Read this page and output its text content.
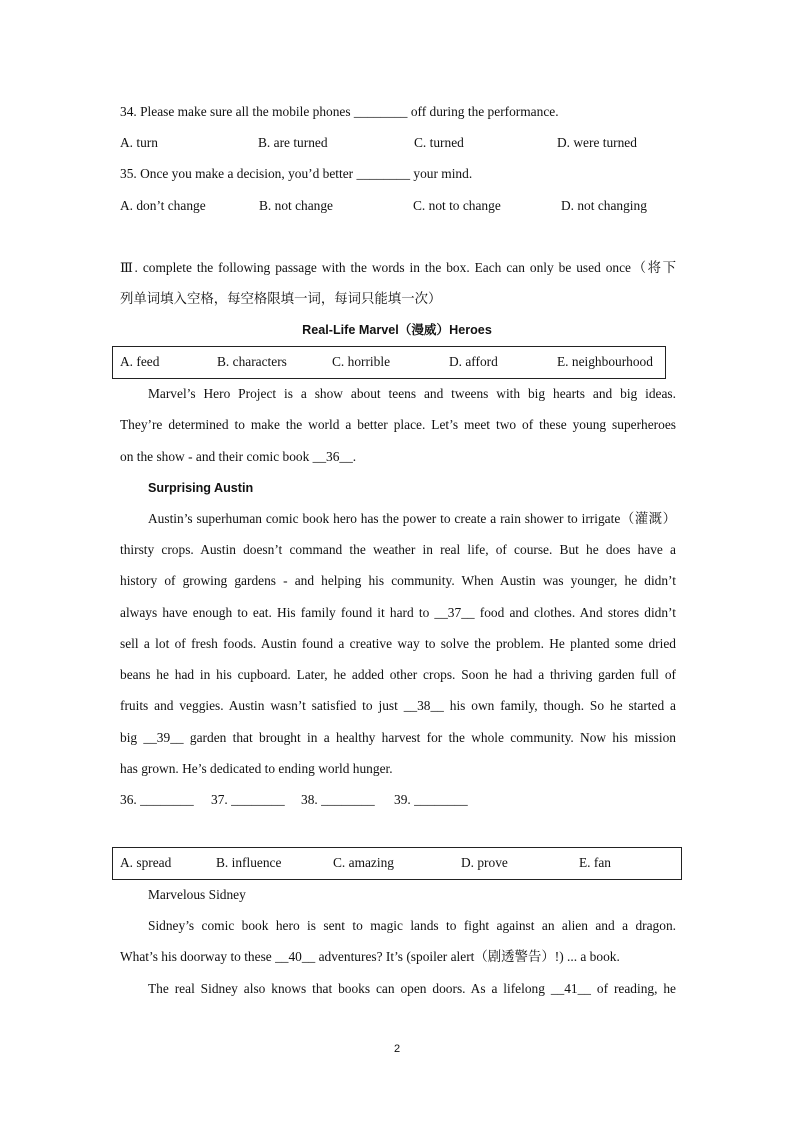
34. Please make sure all the mobile phones ________ off during the performance.
A. turn	B. are turned	C. turned	D. were turned
35. Once you make a decision, you’d better ________ your mind.
A. don’t change	B. not change	C. not to change	D. not changing
Ⅲ. complete the following passage with the words in the box. Each can only be used once（将下
列单词填入空格，每空格限填一词，每词只能填一次）
Real-Life Marvel（漫威）Heroes
A. feed	B. characters	C. horrible	D. afford	E. neighbourhood
Marvel’s Hero Project is a show about teens and tweens with big hearts and big ideas.
They’re determined to make the world a better place. Let’s meet two of these young superheroes
on the show - and their comic book __36__.
Surprising Austin
Austin’s superhuman comic book hero has the power to create a rain shower to irrigate（灌溉）
thirsty crops. Austin doesn’t command the weather in real life, of course. But he does have a
history of growing gardens - and helping his community. When Austin was younger, he didn’t
always have enough to eat. His family found it hard to __37__ food and clothes. And stores didn’t
sell a lot of fresh foods. Austin found a creative way to solve the problem. He planted some dried
beans he had in his cupboard. Later, he added other crops. Soon he had a thriving garden full of
fruits and veggies. Austin wasn’t satisfied to just __38__ his own family, though. So he started a
big __39__ garden that brought in a healthy harvest for the whole community. Now his mission
has grown. He’s dedicated to ending world hunger.
36. ________ 37. ________ 38. ________ 39. ________
A. spread	B. influence	C. amazing	D. prove	E. fan
Marvelous Sidney
Sidney’s comic book hero is sent to magic lands to fight against an alien and a dragon.
What’s his doorway to these __40__ adventures? It’s (spoiler alert（剧透警告）!) ... a book.
The real Sidney also knows that books can open doors. As a lifelong __41__ of reading, he
2
